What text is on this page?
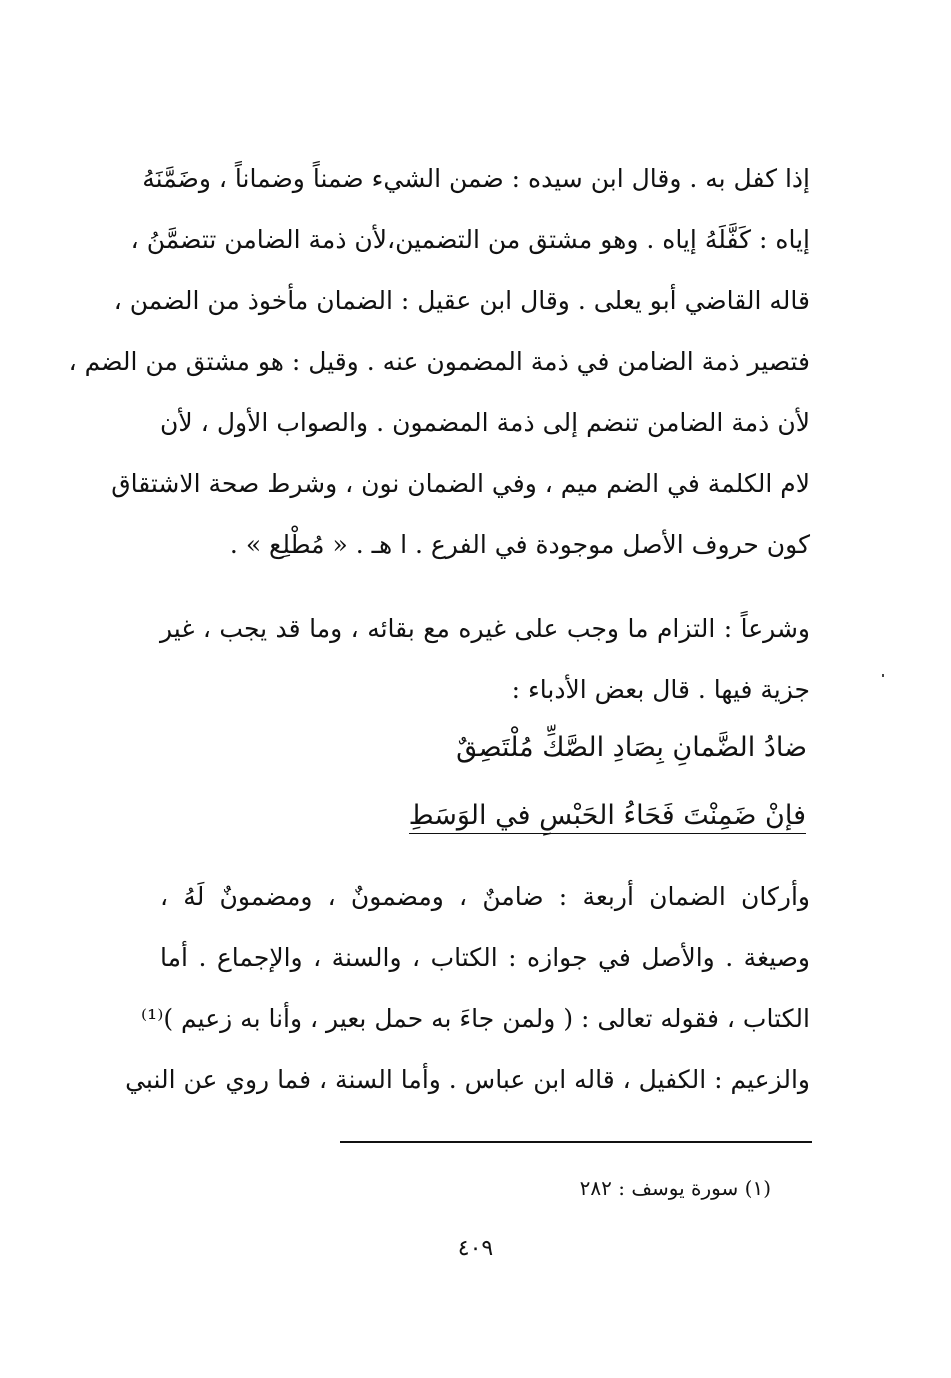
إذا كفل به . وقال ابن سيده : ضمن الشيء ضمناً وضماناً ، وضَمَّنَهُ
إياه : كَفَّلَهُ إياه . وهو مشتق من التضمين،لأن ذمة الضامن تتضمَّنُ ،
قاله القاضي أبو يعلى . وقال ابن عقيل : الضمان مأخوذ من الضمن ،
فتصير ذمة الضامن في ذمة المضمون عنه . وقيل : هو مشتق من الضم ،
لأن ذمة الضامن تنضم إلى ذمة المضمون . والصواب الأول ، لأن
لام الكلمة في الضم ميم ، وفي الضمان نون ، وشرط صحة الاشتقاق
كون حروف الأصل موجودة في الفرع . ا هـ . « مُطْلِع » .
وشرعاً : التزام ما وجب على غيره مع بقائه ، وما قد يجب ، غير
جزية فيها . قال بعض الأدباء :
ضادُ الضَّمانِ بِصَادِ الصَّكِّ مُلْتَصِقٌ
فإنْ ضَمِنْتَ فَحَاءُ الحَبْسِ في الوَسَطِ
وأركان الضمان أربعة : ضامنٌ ، ومضمونٌ ، ومضمونٌ لَهُ ،
وصيغة . والأصل في جوازه : الكتاب ، والسنة ، والإجماع . أما
الكتاب ، فقوله تعالى : ( ولمن جاءَ به حمل بعير ، وأنا به زعيم )⁽¹⁾
والزعيم : الكفيل ، قاله ابن عباس . وأما السنة ، فما روي عن النبي
(١) سورة يوسف : ٢٨٢
٤٠٩
